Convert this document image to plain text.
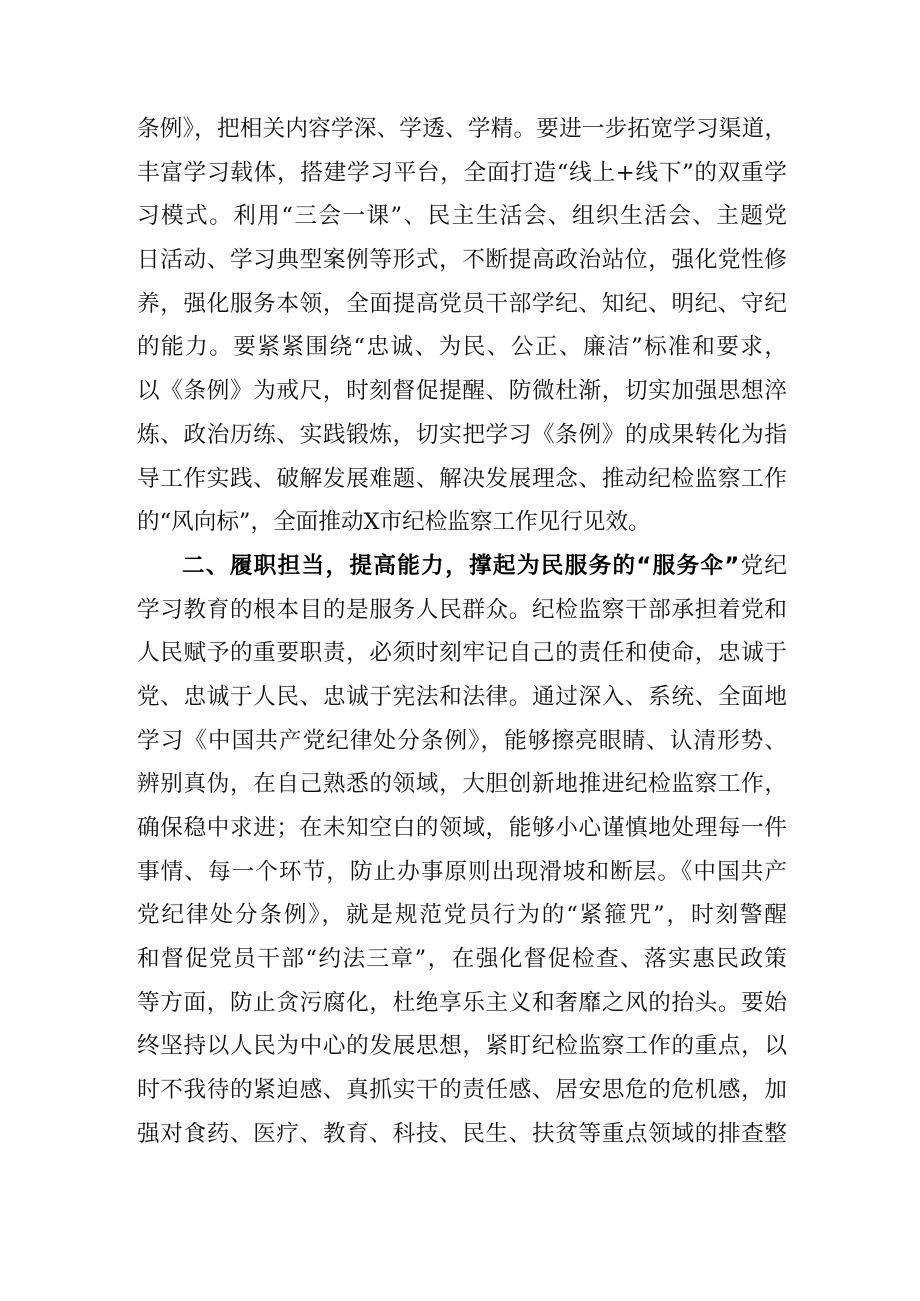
条例》，把相关内容学深、学透、学精。要进一步拓宽学习渠道，
丰富学习载体，搭建学习平台，全面打造“线上+线下”的双重学
习模式。利用“三会一课”、民主生活会、组织生活会、主题党
日活动、学习典型案例等形式，不断提高政治站位，强化党性修
养，强化服务本领，全面提高党员干部学纪、知纪、明纪、守纪
的能力。要紧紧围绕“忠诚、为民、公正、廉洁”标准和要求，
以《条例》为戒尺，时刻督促提醒、防微杜渐，切实加强思想淬
炼、政治历练、实践锻炼，切实把学习《条例》的成果转化为指
导工作实践、破解发展难题、解决发展理念、推动纪检监察工作
的“风向标”，全面推动X市纪检监察工作见行见效。
二、履职担当，提高能力，撑起为民服务的“服务伞”党纪
学习教育的根本目的是服务人民群众。纪检监察干部承担着党和
人民赋予的重要职责，必须时刻牢记自己的责任和使命，忠诚于
党、忠诚于人民、忠诚于宪法和法律。通过深入、系统、全面地
学习《中国共产党纪律处分条例》，能够擦亮眼睛、认清形势、
辨别真伪，在自己熟悉的领域，大胆创新地推进纪检监察工作，
确保稳中求进；在未知空白的领域，能够小心谨慎地处理每一件
事情、每一个环节，防止办事原则出现滑坡和断层。《中国共产
党纪律处分条例》，就是规范党员行为的“紧箍咒”，时刻警醒
和督促党员干部“约法三章”，在强化督促检查、落实惠民政策
等方面，防止贪污腐化，杜绝享乐主义和奢靡之风的抬头。要始
终坚持以人民为中心的发展思想，紧盯纪检监察工作的重点，以
时不我待的紧迫感、真抓实干的责任感、居安思危的危机感，加
强对食药、医疗、教育、科技、民生、扶贫等重点领域的排查整
